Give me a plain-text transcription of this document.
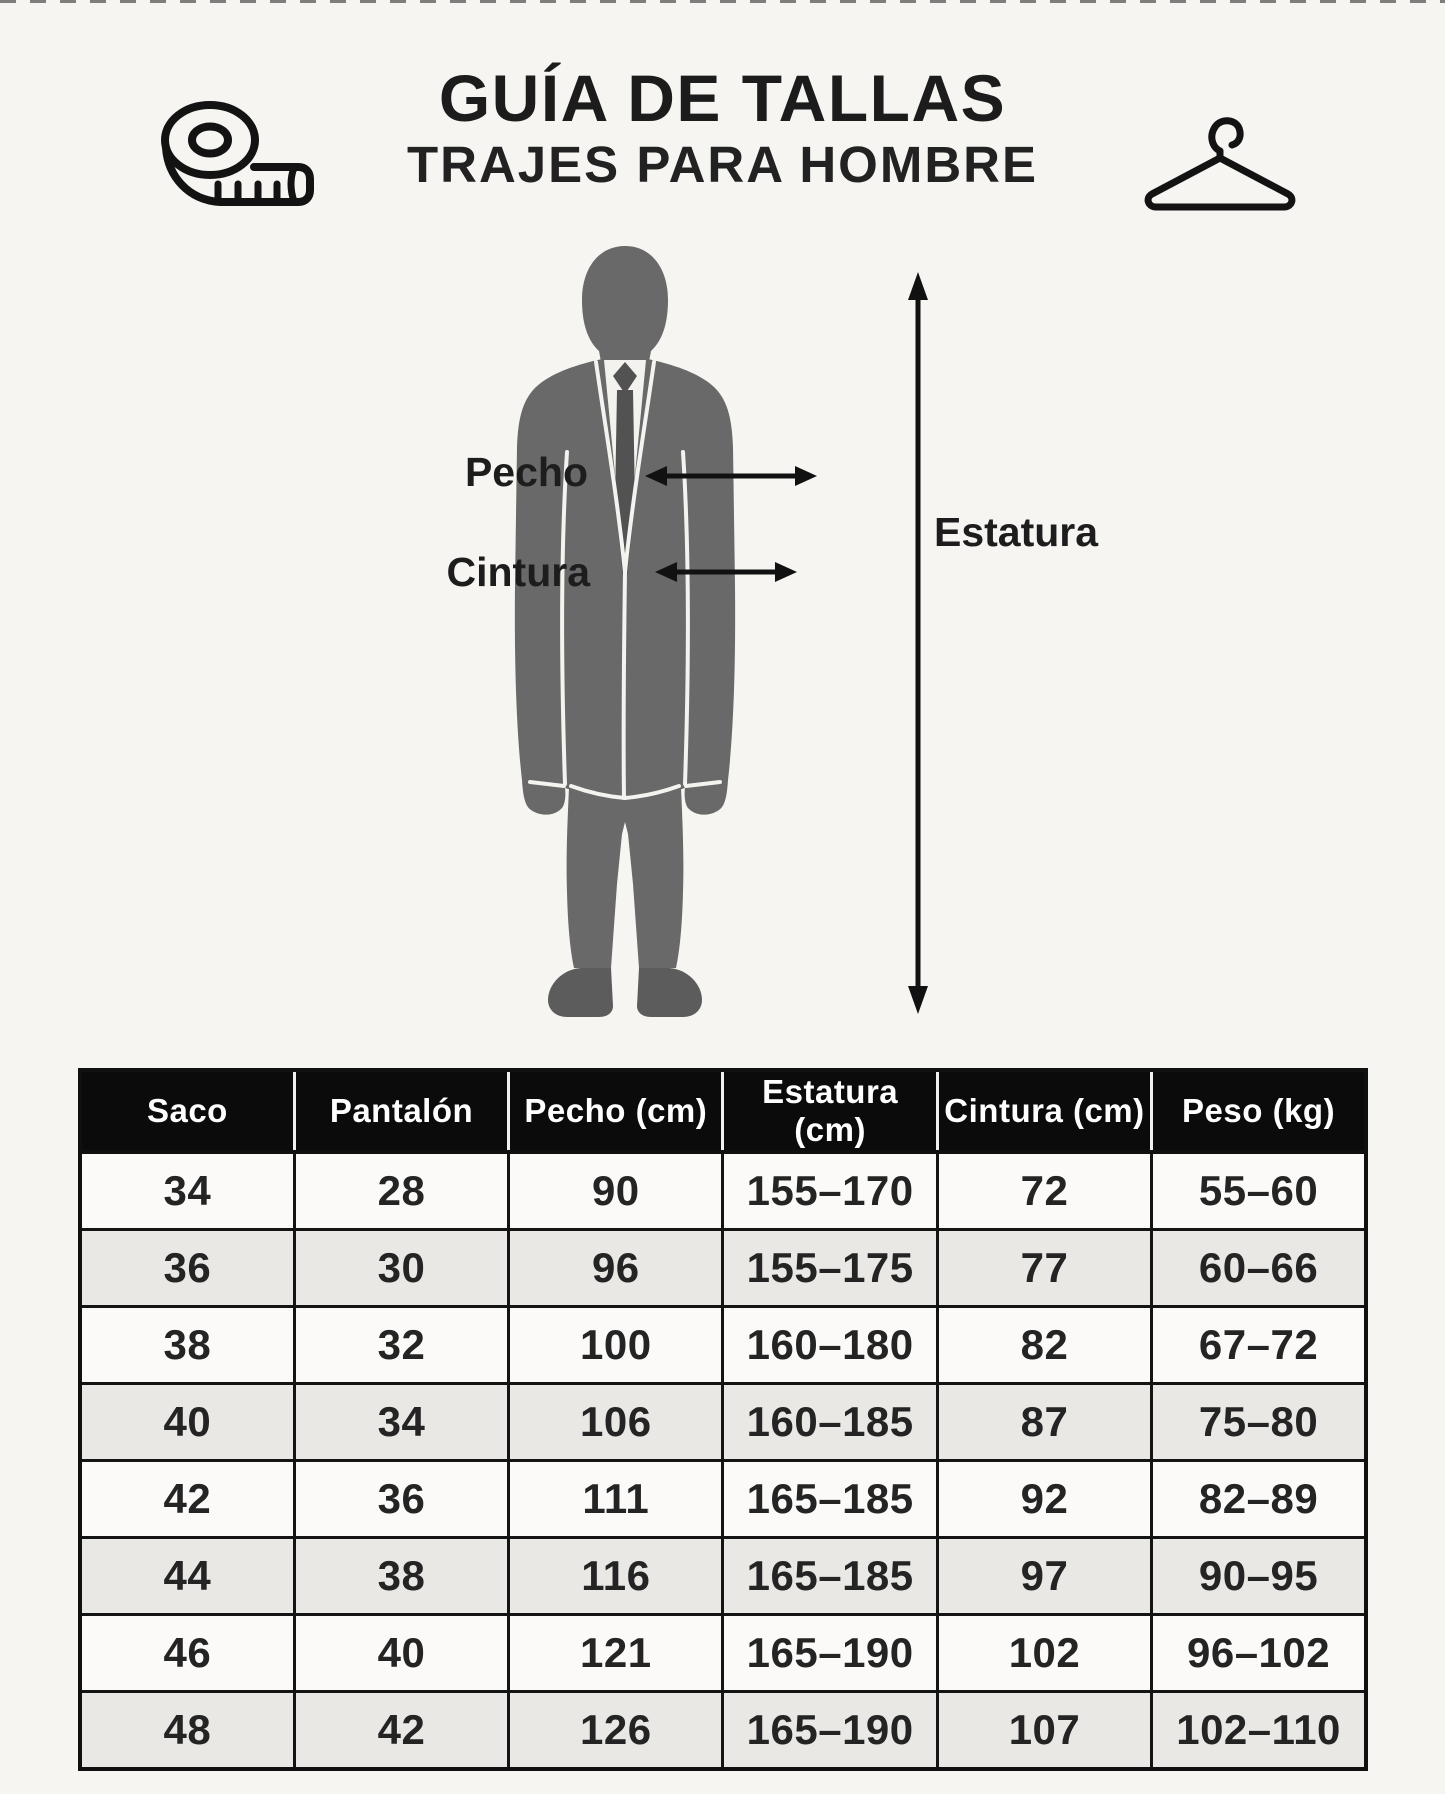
GUÍA DE TALLAS
TRAJES PARA HOMBRE
Pecho
Cintura
Estatura
Saco	Pantalón	Pecho (cm)	Estatura (cm)	Cintura (cm)	Peso (kg)
34	28	90	155–170	72	55–60
36	30	96	155–175	77	60–66
38	32	100	160–180	82	67–72
40	34	106	160–185	87	75–80
42	36	111	165–185	92	82–89
44	38	116	165–185	97	90–95
46	40	121	165–190	102	96–102
48	42	126	165–190	107	102–110
